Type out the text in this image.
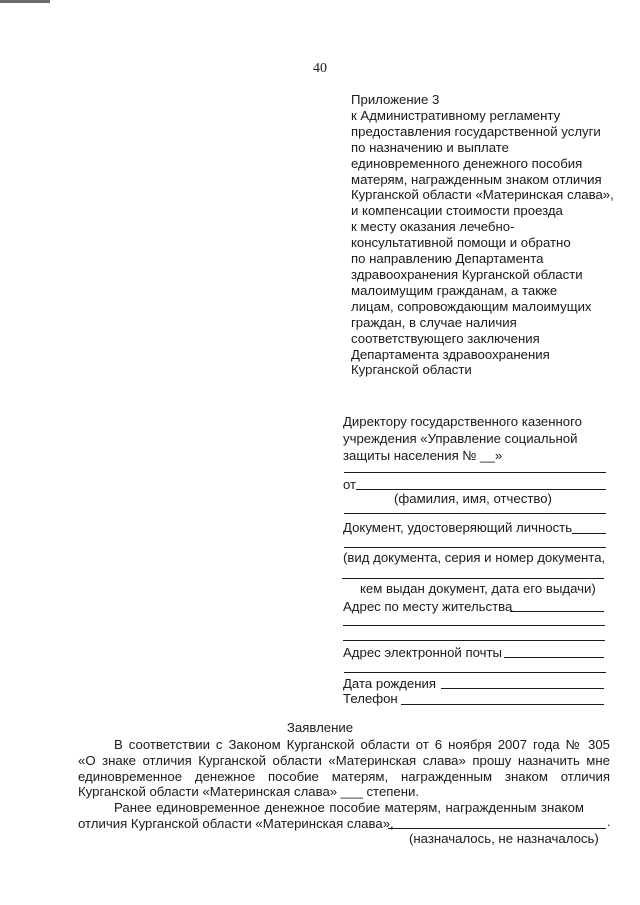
40
Приложение 3
к Административному регламенту
предоставления государственной услуги
по назначению и выплате
единовременного денежного пособия
матерям, награжденным знаком отличия
Курганской области «Материнская слава»,
и компенсации стоимости проезда
к месту оказания лечебно-
консультативной помощи и обратно
по направлению Департамента
здравоохранения Курганской области
малоимущим гражданам, а также
лицам, сопровождающим малоимущих
граждан, в случае наличия
соответствующего заключения
Департамента здравоохранения
Курганской области
Директору государственного казенного
учреждения «Управление социальной
защиты населения № __»
от
(фамилия, имя, отчество)
Документ, удостоверяющий личность
(вид документа, серия и номер документа,
кем выдан документ, дата его выдачи)
Адрес по месту жительства
Адрес электронной почты
Дата рождения
Телефон
Заявление
В соответствии с Законом Курганской области от 6 ноября 2007 года № 305
«О знаке отличия Курганской области «Материнская слава» прошу назначить мне
единовременное денежное пособие матерям, награжденным знаком отличия
Курганской области «Материнская слава» ___ степени.
Ранее единовременное денежное пособие матерям, награжденным знаком
отличия Курганской области «Материнская слава»,	.
(назначалось, не назначалось)
